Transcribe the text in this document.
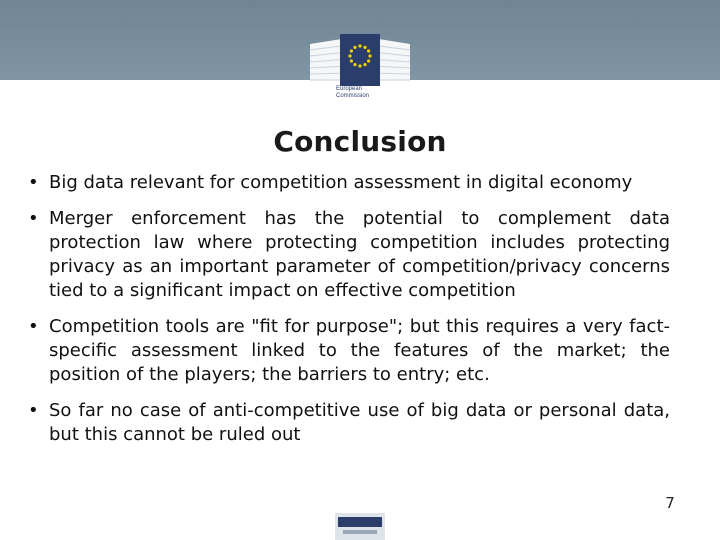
European
Commission
Conclusion
• Big data relevant for competition assessment in digital economy
• Merger enforcement has the potential to complement data protection law where protecting competition includes protecting privacy as an important parameter of competition/privacy concerns tied to a significant impact on effective competition
• Competition tools are "fit for purpose"; but this requires a very fact-specific assessment linked to the features of the market; the position of the players; the barriers to entry; etc.
• So far no case of anti-competitive use of big data or personal data, but this cannot be ruled out
7
